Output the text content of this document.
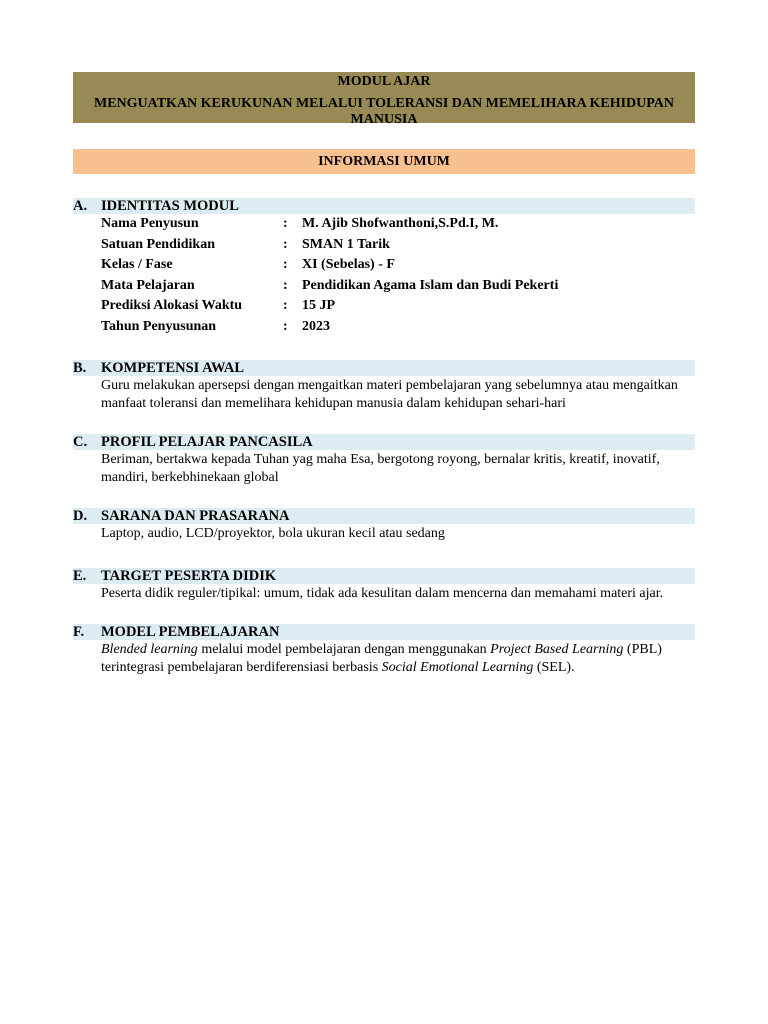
MODUL AJAR
MENGUATKAN KERUKUNAN MELALUI TOLERANSI DAN MEMELIHARA KEHIDUPAN MANUSIA
INFORMASI UMUM
A. IDENTITAS MODUL
Nama Penyusun	:	M. Ajib Shofwanthoni,S.Pd.I, M.
Satuan Pendidikan	:	SMAN 1 Tarik
Kelas / Fase	:	XI (Sebelas) - F
Mata Pelajaran	:	Pendidikan Agama Islam dan Budi Pekerti
Prediksi Alokasi Waktu	:	15 JP
Tahun Penyusunan	:	2023
B.	KOMPETENSI AWAL
Guru melakukan apersepsi dengan mengaitkan materi pembelajaran yang sebelumnya atau mengaitkan manfaat toleransi dan memelihara kehidupan manusia dalam kehidupan sehari-hari
C. PROFIL PELAJAR PANCASILA
Beriman, bertakwa kepada Tuhan yag maha Esa, bergotong royong, bernalar kritis, kreatif, inovatif, mandiri, berkebhinekaan global
D. SARANA DAN PRASARANA
Laptop, audio, LCD/proyektor, bola ukuran kecil atau sedang
E.	TARGET PESERTA DIDIK
Peserta didik reguler/tipikal: umum, tidak ada kesulitan dalam mencerna dan memahami materi ajar.
F.	MODEL PEMBELAJARAN
Blended learning melalui model pembelajaran dengan menggunakan Project Based Learning (PBL) terintegrasi pembelajaran berdiferensiasi berbasis Social Emotional Learning (SEL).
